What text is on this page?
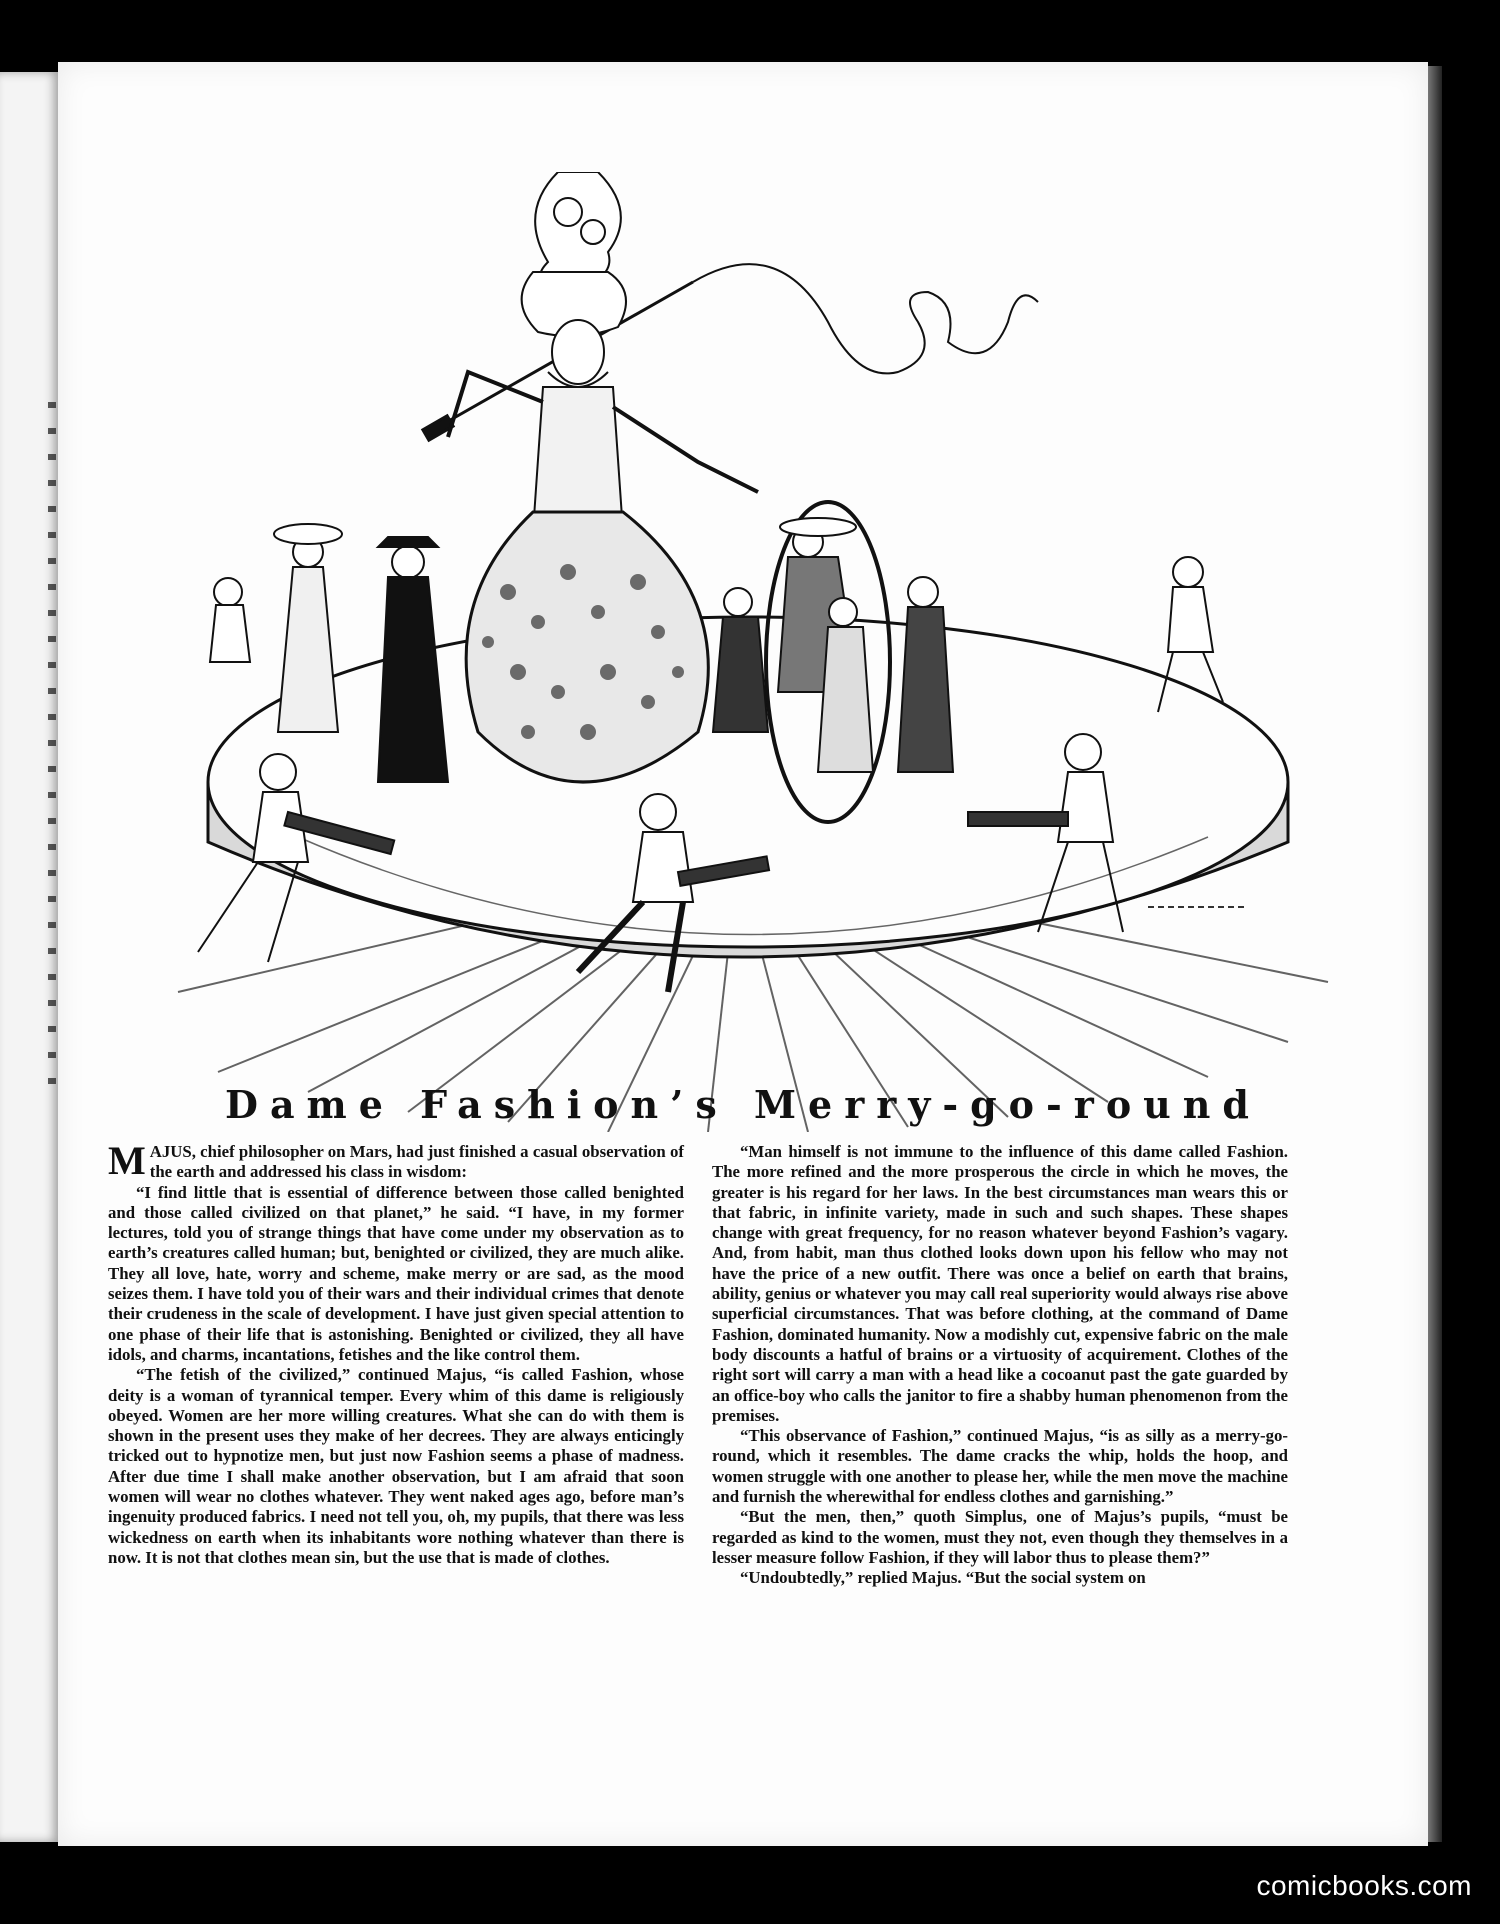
Dame Fashion’s Merry-go-round

MAJUS, chief philosopher on Mars, had just finished a casual observation of the earth and addressed his class in wisdom:

“I find little that is essential of difference between those called benighted and those called civilized on that planet,” he said. “I have, in my former lectures, told you of strange things that have come under my observation as to earth’s creatures called human; but, benighted or civilized, they are much alike. They all love, hate, worry and scheme, make merry or are sad, as the mood seizes them. I have told you of their wars and their individual crimes that denote their crudeness in the scale of development. I have just given special attention to one phase of their life that is astonishing. Benighted or civilized, they all have idols, and charms, incantations, fetishes and the like control them.

“The fetish of the civilized,” continued Majus, “is called Fashion, whose deity is a woman of tyrannical temper. Every whim of this dame is religiously obeyed. Women are her more willing creatures. What she can do with them is shown in the present uses they make of her decrees. They are always enticingly tricked out to hypnotize men, but just now Fashion seems a phase of madness. After due time I shall make another observation, but I am afraid that soon women will wear no clothes whatever. They went naked ages ago, before man’s ingenuity produced fabrics. I need not tell you, oh, my pupils, that there was less wickedness on earth when its inhabitants wore nothing whatever than there is now. It is not that clothes mean sin, but the use that is made of clothes.

“Man himself is not immune to the influence of this dame called Fashion. The more refined and the more prosperous the circle in which he moves, the greater is his regard for her laws. In the best circumstances man wears this or that fabric, in infinite variety, made in such and such shapes. These shapes change with great frequency, for no reason whatever beyond Fashion’s vagary. And, from habit, man thus clothed looks down upon his fellow who may not have the price of a new outfit. There was once a belief on earth that brains, ability, genius or whatever you may call real superiority would always rise above superficial circumstances. That was before clothing, at the command of Dame Fashion, dominated humanity. Now a modishly cut, expensive fabric on the male body discounts a hatful of brains or a virtuosity of acquirement. Clothes of the right sort will carry a man with a head like a cocoanut past the gate guarded by an office-boy who calls the janitor to fire a shabby human phenomenon from the premises.

“This observance of Fashion,” continued Majus, “is as silly as a merry-go-round, which it resembles. The dame cracks the whip, holds the hoop, and women struggle with one another to please her, while the men move the machine and furnish the wherewithal for endless clothes and garnishing.”

“But the men, then,” quoth Simplus, one of Majus’s pupils, “must be regarded as kind to the women, must they not, even though they themselves in a lesser measure follow Fashion, if they will labor thus to please them?”

“Undoubtedly,” replied Majus. “But the social system on

comicbooks.com
